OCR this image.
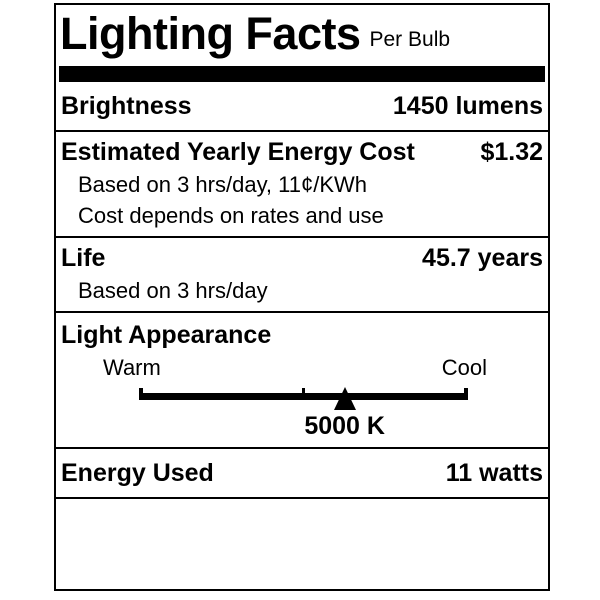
Lighting Facts Per Bulb
Brightness	1450 lumens
Estimated Yearly Energy Cost	$1.32
Based on 3 hrs/day, 11¢/KWh
Cost depends on rates and use
Life	45.7 years
Based on 3 hrs/day
Light Appearance
Warm	Cool
5000 K
Energy Used	11 watts
